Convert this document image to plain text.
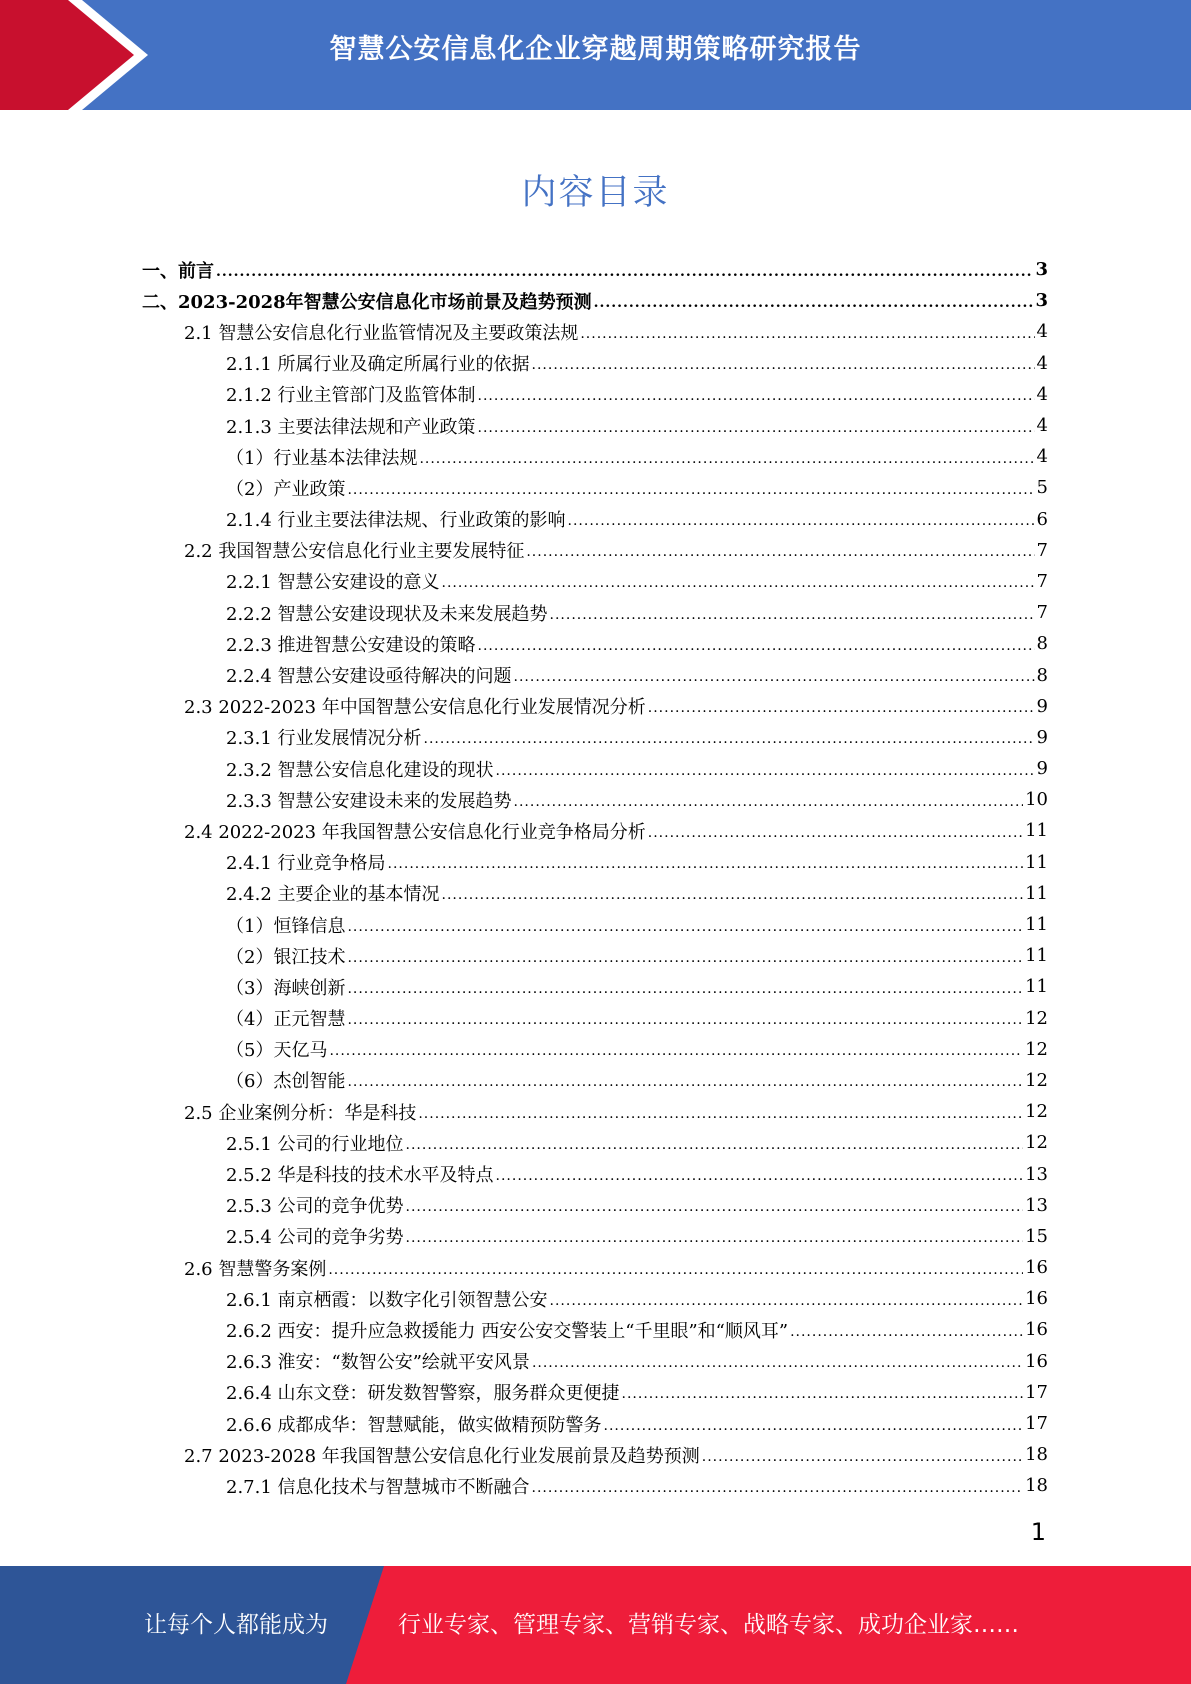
智慧公安信息化企业穿越周期策略研究报告
内容目录
一、前言 .....	3
二、2023-2028年智慧公安信息化市场前景及趋势预测 .....	3
2.1 智慧公安信息化行业监管情况及主要政策法规 .....	4
2.1.1 所属行业及确定所属行业的依据 .....	4
2.1.2 行业主管部门及监管体制 .....	4
2.1.3 主要法律法规和产业政策 .....	4
（1）行业基本法律法规 .....	4
（2）产业政策 .....	5
2.1.4 行业主要法律法规、行业政策的影响 .....	6
2.2 我国智慧公安信息化行业主要发展特征 .....	7
2.2.1 智慧公安建设的意义 .....	7
2.2.2 智慧公安建设现状及未来发展趋势 .....	7
2.2.3 推进智慧公安建设的策略 .....	8
2.2.4 智慧公安建设亟待解决的问题 .....	8
2.3 2022-2023 年中国智慧公安信息化行业发展情况分析 .....	9
2.3.1 行业发展情况分析 .....	9
2.3.2 智慧公安信息化建设的现状 .....	9
2.3.3 智慧公安建设未来的发展趋势 .....	10
2.4 2022-2023 年我国智慧公安信息化行业竞争格局分析 .....	11
2.4.1 行业竞争格局 .....	11
2.4.2 主要企业的基本情况 .....	11
（1）恒锋信息 .....	11
（2）银江技术 .....	11
（3）海峡创新 .....	11
（4）正元智慧 .....	12
（5）天亿马 .....	12
（6）杰创智能 .....	12
2.5 企业案例分析：华是科技 .....	12
2.5.1 公司的行业地位 .....	12
2.5.2 华是科技的技术水平及特点 .....	13
2.5.3 公司的竞争优势 .....	13
2.5.4 公司的竞争劣势 .....	15
2.6 智慧警务案例 .....	16
2.6.1 南京栖霞：以数字化引领智慧公安 .....	16
2.6.2 西安：提升应急救援能力 西安公安交警装上“千里眼”和“顺风耳” .....	16
2.6.3 淮安：“数智公安”绘就平安风景 .....	16
2.6.4 山东文登：研发数智警察，服务群众更便捷 .....	17
2.6.6 成都成华：智慧赋能，做实做精预防警务 .....	17
2.7 2023-2028 年我国智慧公安信息化行业发展前景及趋势预测 .....	18
2.7.1 信息化技术与智慧城市不断融合 .....	18
1
让每个人都能成为	行业专家、管理专家、营销专家、战略专家、成功企业家……
